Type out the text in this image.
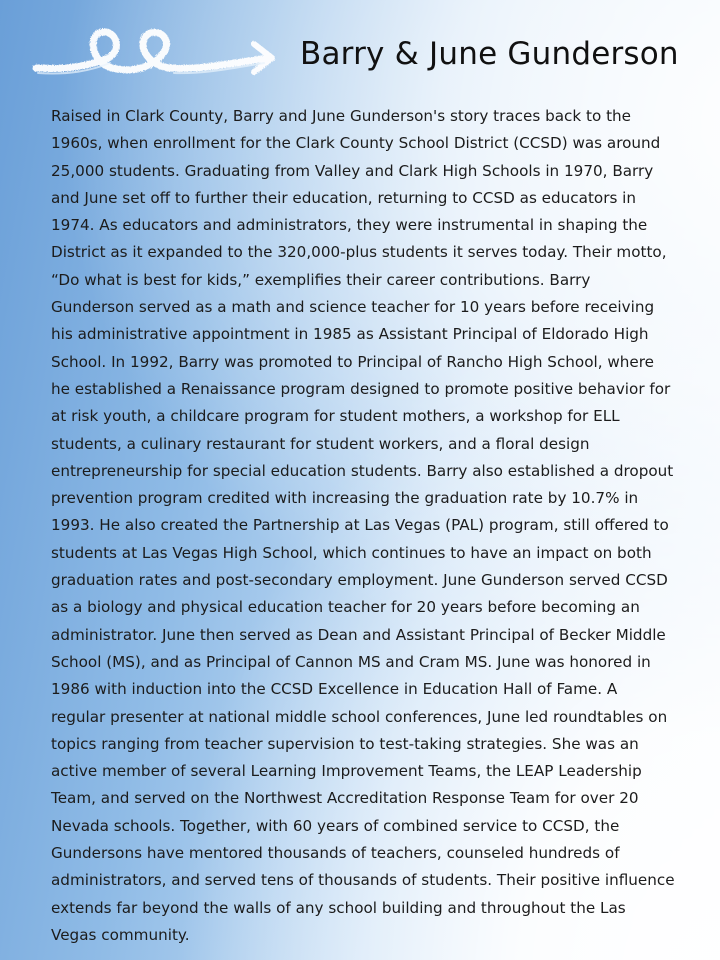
Barry & June Gunderson

Raised in Clark County, Barry and June Gunderson's story traces back to the 1960s, when enrollment for the Clark County School District (CCSD) was around 25,000 students. Graduating from Valley and Clark High Schools in 1970, Barry and June set off to further their education, returning to CCSD as educators in 1974. As educators and administrators, they were instrumental in shaping the District as it expanded to the 320,000-plus students it serves today. Their motto, “Do what is best for kids,” exemplifies their career contributions. Barry Gunderson served as a math and science teacher for 10 years before receiving his administrative appointment in 1985 as Assistant Principal of Eldorado High School. In 1992, Barry was promoted to Principal of Rancho High School, where he established a Renaissance program designed to promote positive behavior for at risk youth, a childcare program for student mothers, a workshop for ELL students, a culinary restaurant for student workers, and a floral design entrepreneurship for special education students. Barry also established a dropout prevention program credited with increasing the graduation rate by 10.7% in 1993. He also created the Partnership at Las Vegas (PAL) program, still offered to students at Las Vegas High School, which continues to have an impact on both graduation rates and post-secondary employment. June Gunderson served CCSD as a biology and physical education teacher for 20 years before becoming an administrator. June then served as Dean and Assistant Principal of Becker Middle School (MS), and as Principal of Cannon MS and Cram MS. June was honored in 1986 with induction into the CCSD Excellence in Education Hall of Fame. A regular presenter at national middle school conferences, June led roundtables on topics ranging from teacher supervision to test-taking strategies. She was an active member of several Learning Improvement Teams, the LEAP Leadership Team, and served on the Northwest Accreditation Response Team for over 20 Nevada schools. Together, with 60 years of combined service to CCSD, the Gundersons have mentored thousands of teachers, counseled hundreds of administrators, and served tens of thousands of students. Their positive influence extends far beyond the walls of any school building and throughout the Las Vegas community.
